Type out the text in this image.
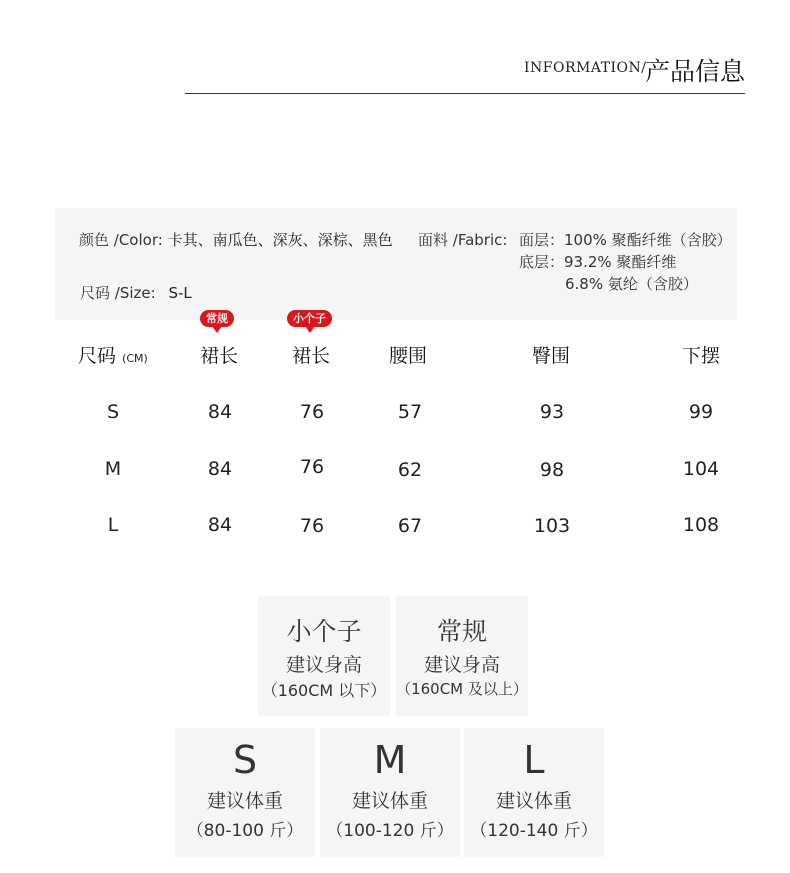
INFORMATION/
产品信息
颜色 /Color: 卡其、南瓜色、深灰、深棕、黑色
尺码 /Size: S-L
面料 /Fabric: 面层：100% 聚酯纤维（含胶）
底层：93.2% 聚酯纤维
6.8% 氨纶（含胶）
常规	小个子
尺码 (CM)	裙长	裙长	腰围	臀围	下摆
S	84	76	57	93	99
M	84	76	62	98	104
L	84	76	67	103	108
小个子
建议身高
（160CM 以下）
常规
建议身高
（160CM 及以上）
S
建议体重
（80-100 斤）
M
建议体重
（100-120 斤）
L
建议体重
（120-140 斤）
